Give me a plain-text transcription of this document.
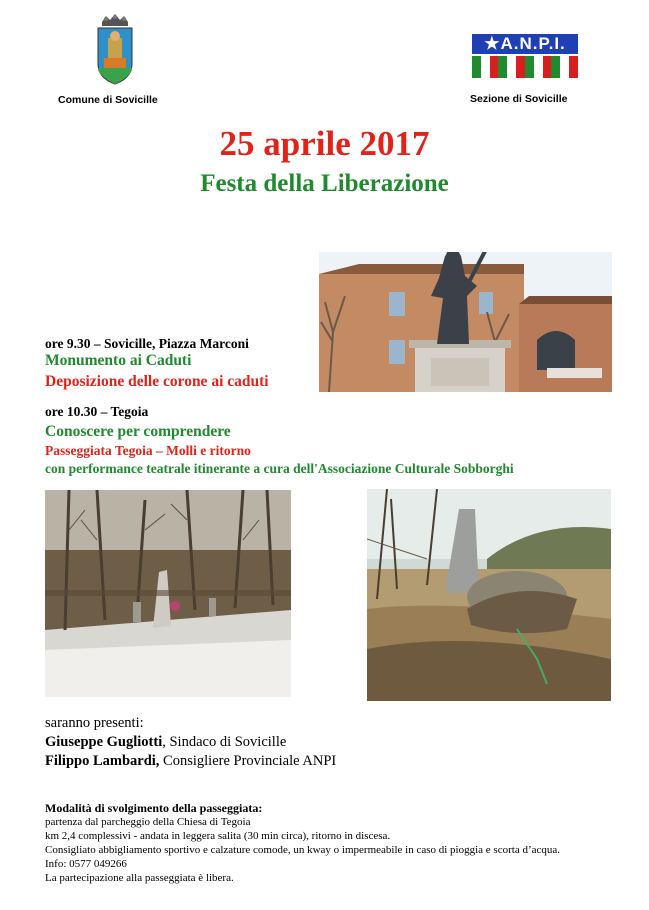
Comune di Sovicille
★A.N.P.I.
Sezione di Sovicille
25 aprile 2017
Festa della Liberazione
ore 9.30 – Sovicille, Piazza Marconi
Monumento ai Caduti
Deposizione delle corone ai caduti
ore 10.30 – Tegoia
Conoscere per comprendere
Passeggiata Tegoia – Molli e ritorno
con performance teatrale itinerante a cura dell'Associazione Culturale Sobborghi
saranno presenti:
Giuseppe Gugliotti, Sindaco di Sovicille
Filippo Lambardi, Consigliere Provinciale ANPI
Modalità di svolgimento della passeggiata:
partenza dal parcheggio della Chiesa di Tegoia
km 2,4 complessivi - andata in leggera salita (30 min circa), ritorno in discesa.
Consigliato abbigliamento sportivo e calzature comode, un kway o impermeabile in caso di pioggia e scorta d’acqua.
Info: 0577 049266
La partecipazione alla passeggiata è libera.
